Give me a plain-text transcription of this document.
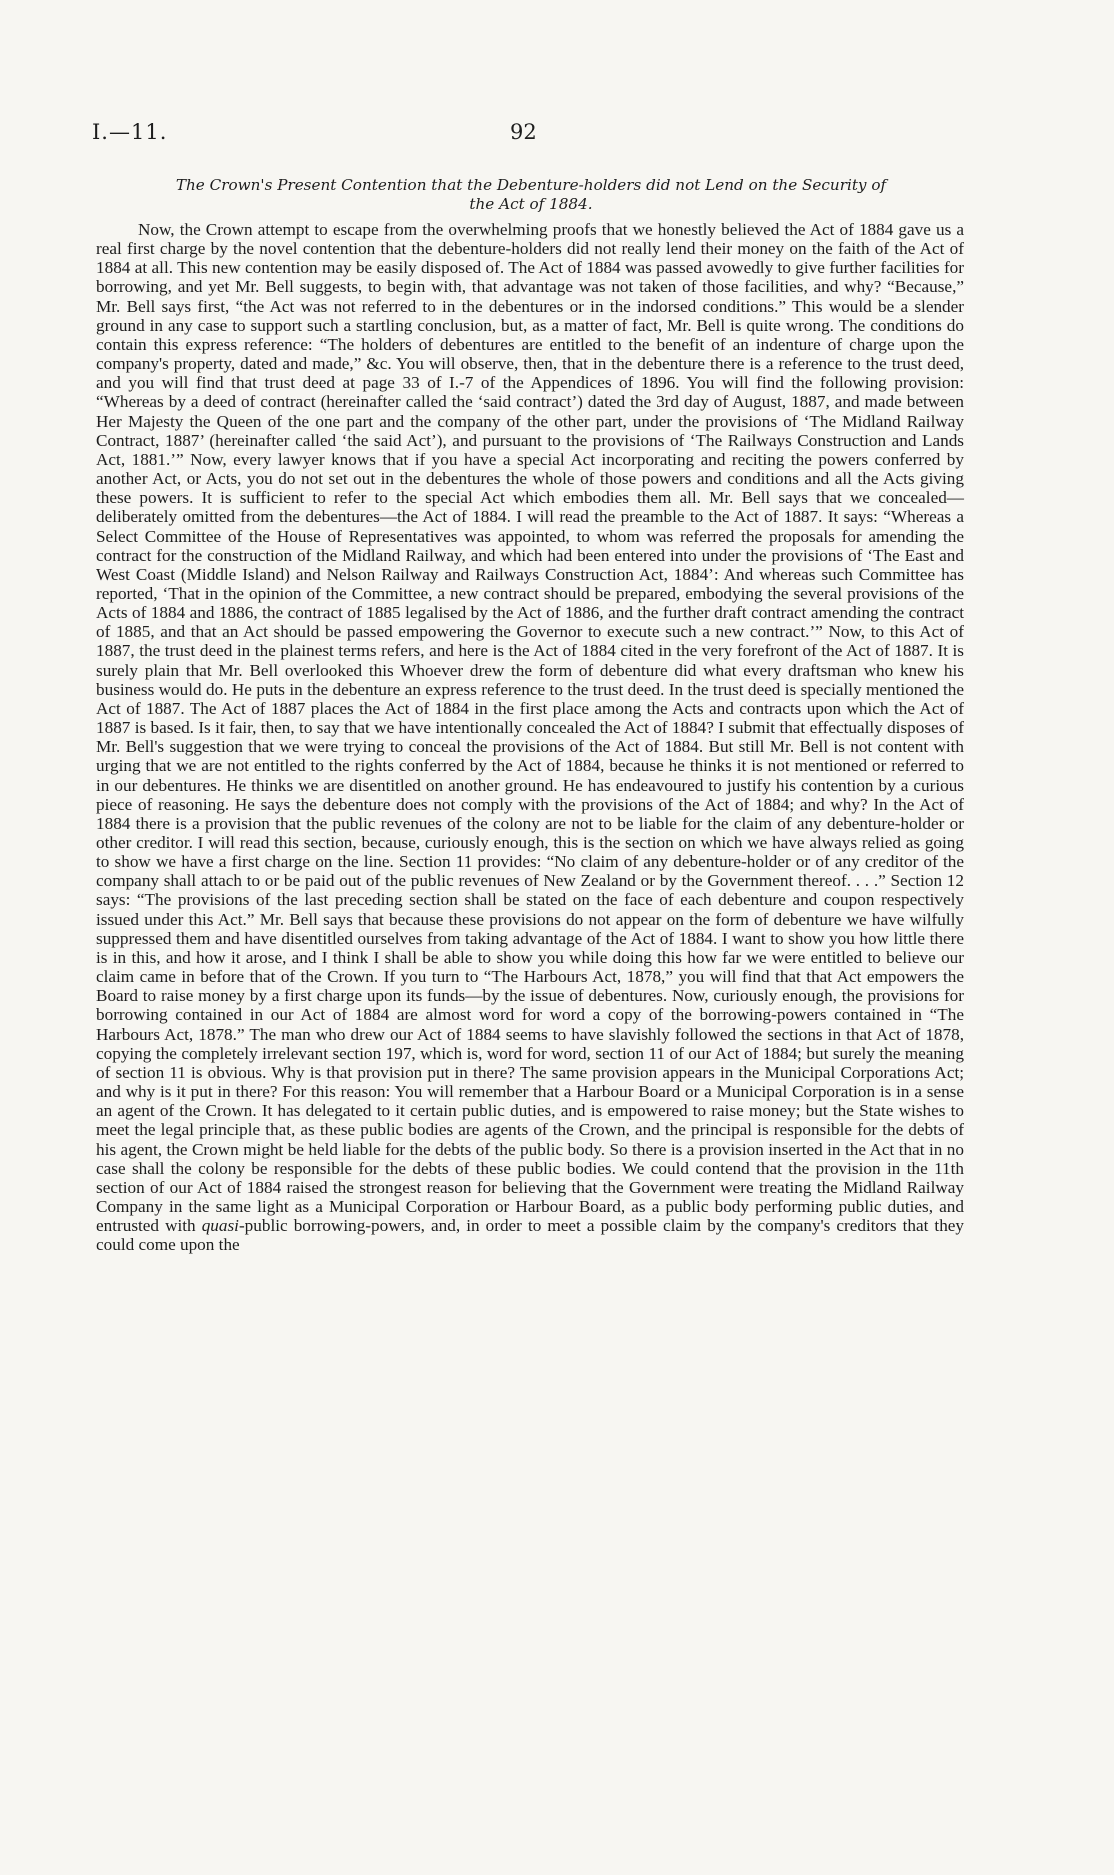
I.—11.	92
The Crown's Present Contention that the Debenture-holders did not Lend on the Security of
the Act of 1884.

Now, the Crown attempt to escape from the overwhelming proofs that we honestly believed the Act of 1884 gave us a real first charge by the novel contention that the debenture-holders did not really lend their money on the faith of the Act of 1884 at all. This new contention may be easily disposed of. The Act of 1884 was passed avowedly to give further facilities for borrowing, and yet Mr. Bell suggests, to begin with, that advantage was not taken of those facilities, and why? “Because,” Mr. Bell says first, “the Act was not referred to in the debentures or in the indorsed conditions.” This would be a slender ground in any case to support such a startling conclusion, but, as a matter of fact, Mr. Bell is quite wrong. The conditions do contain this express reference: “The holders of debentures are entitled to the benefit of an indenture of charge upon the company's property, dated and made,” &c. You will observe, then, that in the debenture there is a reference to the trust deed, and you will find that trust deed at page 33 of I.-7 of the Appendices of 1896. You will find the following provision: “Whereas by a deed of contract (hereinafter called the ‘said contract’) dated the 3rd day of August, 1887, and made between Her Majesty the Queen of the one part and the company of the other part, under the provisions of ‘The Midland Railway Contract, 1887’ (hereinafter called ‘the said Act’), and pursuant to the provisions of ‘The Railways Construction and Lands Act, 1881.’” Now, every lawyer knows that if you have a special Act incorporating and reciting the powers conferred by another Act, or Acts, you do not set out in the debentures the whole of those powers and conditions and all the Acts giving these powers. It is sufficient to refer to the special Act which embodies them all. Mr. Bell says that we concealed—deliberately omitted from the debentures—the Act of 1884. I will read the preamble to the Act of 1887. It says: “Whereas a Select Committee of the House of Representatives was appointed, to whom was referred the proposals for amending the contract for the construction of the Midland Railway, and which had been entered into under the provisions of ‘The East and West Coast (Middle Island) and Nelson Railway and Railways Construction Act, 1884’: And whereas such Committee has reported, ‘That in the opinion of the Committee, a new contract should be prepared, embodying the several provisions of the Acts of 1884 and 1886, the contract of 1885 legalised by the Act of 1886, and the further draft contract amending the contract of 1885, and that an Act should be passed empowering the Governor to execute such a new contract.’” Now, to this Act of 1887, the trust deed in the plainest terms refers, and here is the Act of 1884 cited in the very forefront of the Act of 1887. It is surely plain that Mr. Bell overlooked this Whoever drew the form of debenture did what every draftsman who knew his business would do. He puts in the debenture an express reference to the trust deed. In the trust deed is specially mentioned the Act of 1887. The Act of 1887 places the Act of 1884 in the first place among the Acts and contracts upon which the Act of 1887 is based. Is it fair, then, to say that we have intentionally concealed the Act of 1884? I submit that effectually disposes of Mr. Bell's suggestion that we were trying to conceal the provisions of the Act of 1884. But still Mr. Bell is not content with urging that we are not entitled to the rights conferred by the Act of 1884, because he thinks it is not mentioned or referred to in our debentures. He thinks we are disentitled on another ground. He has endeavoured to justify his contention by a curious piece of reasoning. He says the debenture does not comply with the provisions of the Act of 1884; and why? In the Act of 1884 there is a provision that the public revenues of the colony are not to be liable for the claim of any debenture-holder or other creditor. I will read this section, because, curiously enough, this is the section on which we have always relied as going to show we have a first charge on the line. Section 11 provides: “No claim of any debenture-holder or of any creditor of the company shall attach to or be paid out of the public revenues of New Zealand or by the Government thereof. . . .” Section 12 says: “The provisions of the last preceding section shall be stated on the face of each debenture and coupon respectively issued under this Act.” Mr. Bell says that because these provisions do not appear on the form of debenture we have wilfully suppressed them and have disentitled ourselves from taking advantage of the Act of 1884. I want to show you how little there is in this, and how it arose, and I think I shall be able to show you while doing this how far we were entitled to believe our claim came in before that of the Crown. If you turn to “The Harbours Act, 1878,” you will find that that Act empowers the Board to raise money by a first charge upon its funds—by the issue of debentures. Now, curiously enough, the provisions for borrowing contained in our Act of 1884 are almost word for word a copy of the borrowing-powers contained in “The Harbours Act, 1878.” The man who drew our Act of 1884 seems to have slavishly followed the sections in that Act of 1878, copying the completely irrelevant section 197, which is, word for word, section 11 of our Act of 1884; but surely the meaning of section 11 is obvious. Why is that provision put in there? The same provision appears in the Municipal Corporations Act; and why is it put in there? For this reason: You will remember that a Harbour Board or a Municipal Corporation is in a sense an agent of the Crown. It has delegated to it certain public duties, and is empowered to raise money; but the State wishes to meet the legal principle that, as these public bodies are agents of the Crown, and the principal is responsible for the debts of his agent, the Crown might be held liable for the debts of the public body. So there is a provision inserted in the Act that in no case shall the colony be responsible for the debts of these public bodies. We could contend that the provision in the 11th section of our Act of 1884 raised the strongest reason for believing that the Government were treating the Midland Railway Company in the same light as a Municipal Corporation or Harbour Board, as a public body performing public duties, and entrusted with quasi-public borrowing-powers, and, in order to meet a possible claim by the company's creditors that they could come upon the
